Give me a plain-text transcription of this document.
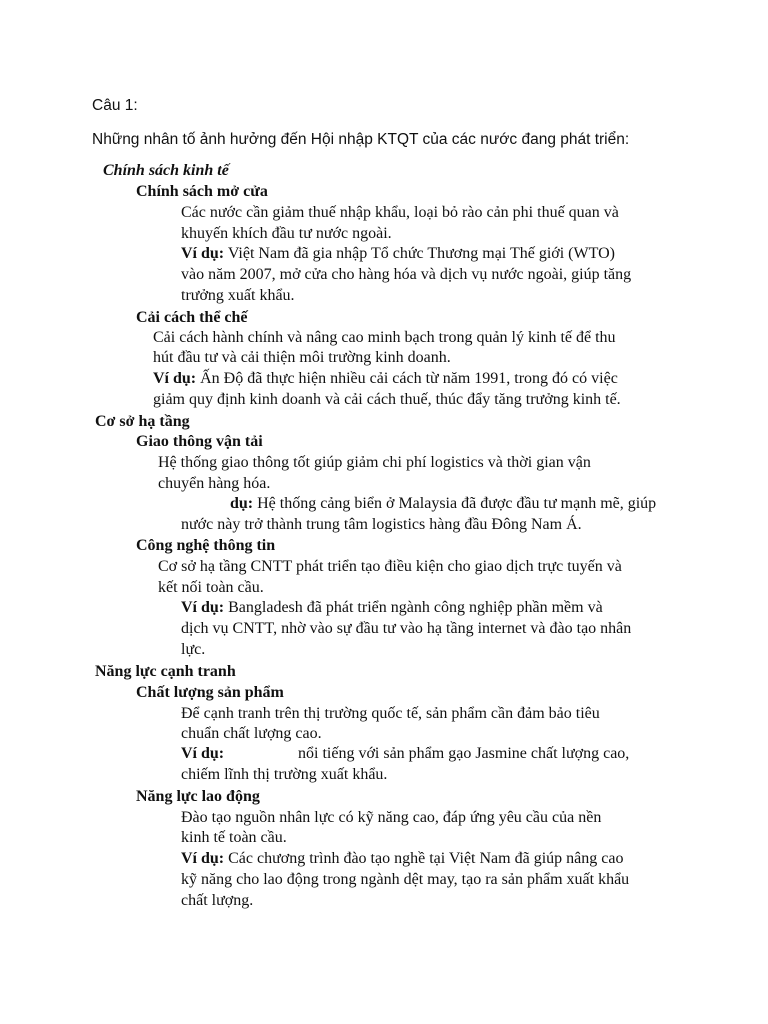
Câu 1:
Những nhân tố ảnh hưởng đến Hội nhập KTQT của các nước đang phát triển:
Chính sách kinh tế
Chính sách mở cửa
Các nước cần giảm thuế nhập khẩu, loại bỏ rào cản phi thuế quan và
khuyến khích đầu tư nước ngoài.
Ví dụ: Việt Nam đã gia nhập Tổ chức Thương mại Thế giới (WTO)
vào năm 2007, mở cửa cho hàng hóa và dịch vụ nước ngoài, giúp tăng
trưởng xuất khẩu.
Cải cách thể chế
Cải cách hành chính và nâng cao minh bạch trong quản lý kinh tế để thu
hút đầu tư và cải thiện môi trường kinh doanh.
Ví dụ: Ấn Độ đã thực hiện nhiều cải cách từ năm 1991, trong đó có việc
giảm quy định kinh doanh và cải cách thuế, thúc đẩy tăng trưởng kinh tế.
Cơ sở hạ tầng
Giao thông vận tải
Hệ thống giao thông tốt giúp giảm chi phí logistics và thời gian vận
chuyển hàng hóa.
dụ: Hệ thống cảng biển ở Malaysia đã được đầu tư mạnh mẽ, giúp
nước này trở thành trung tâm logistics hàng đầu Đông Nam Á.
Công nghệ thông tin
Cơ sở hạ tầng CNTT phát triển tạo điều kiện cho giao dịch trực tuyến và
kết nối toàn cầu.
Ví dụ: Bangladesh đã phát triển ngành công nghiệp phần mềm và
dịch vụ CNTT, nhờ vào sự đầu tư vào hạ tầng internet và đào tạo nhân
lực.
Năng lực cạnh tranh
Chất lượng sản phẩm
Để cạnh tranh trên thị trường quốc tế, sản phẩm cần đảm bảo tiêu
chuẩn chất lượng cao.
Ví dụ:	nổi tiếng với sản phẩm gạo Jasmine chất lượng cao,
chiếm lĩnh thị trường xuất khẩu.
Năng lực lao động
Đào tạo nguồn nhân lực có kỹ năng cao, đáp ứng yêu cầu của nền
kinh tế toàn cầu.
Ví dụ: Các chương trình đào tạo nghề tại Việt Nam đã giúp nâng cao
kỹ năng cho lao động trong ngành dệt may, tạo ra sản phẩm xuất khẩu
chất lượng.
